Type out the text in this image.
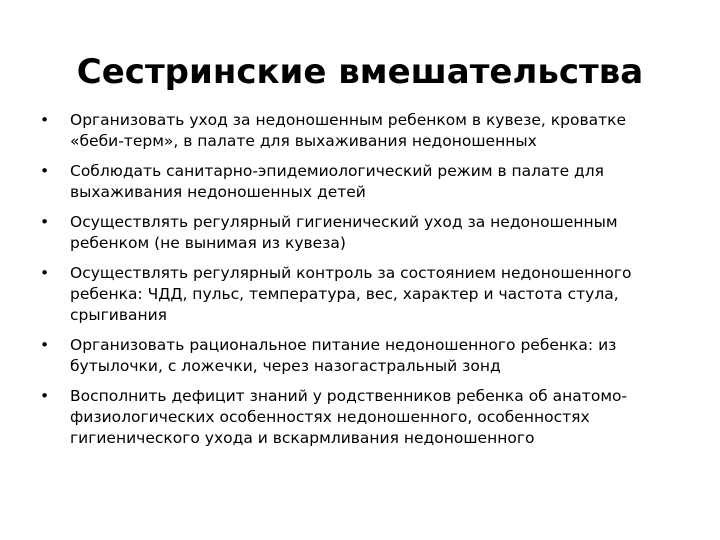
Сестринские вмешательства
•	Организовать уход за недоношенным ребенком в кувезе, кроватке «беби-терм», в палате для выхаживания недоношенных
•	Соблюдать санитарно-эпидемиологический режим в палате для выхаживания недоношенных детей
•	Осуществлять регулярный гигиенический уход за недоношенным ребенком (не вынимая из кувеза)
•	Осуществлять регулярный контроль за состоянием недоношенного ребенка: ЧДД, пульс, температура, вес, характер и частота стула, срыгивания
•	Организовать рациональное питание недоношенного ребенка: из бутылочки, с ложечки, через назогастральный зонд
•	Восполнить дефицит знаний у родственников ребенка об анатомо-физиологических особенностях недоношенного, особенностях гигиенического ухода и вскармливания недоношенного
